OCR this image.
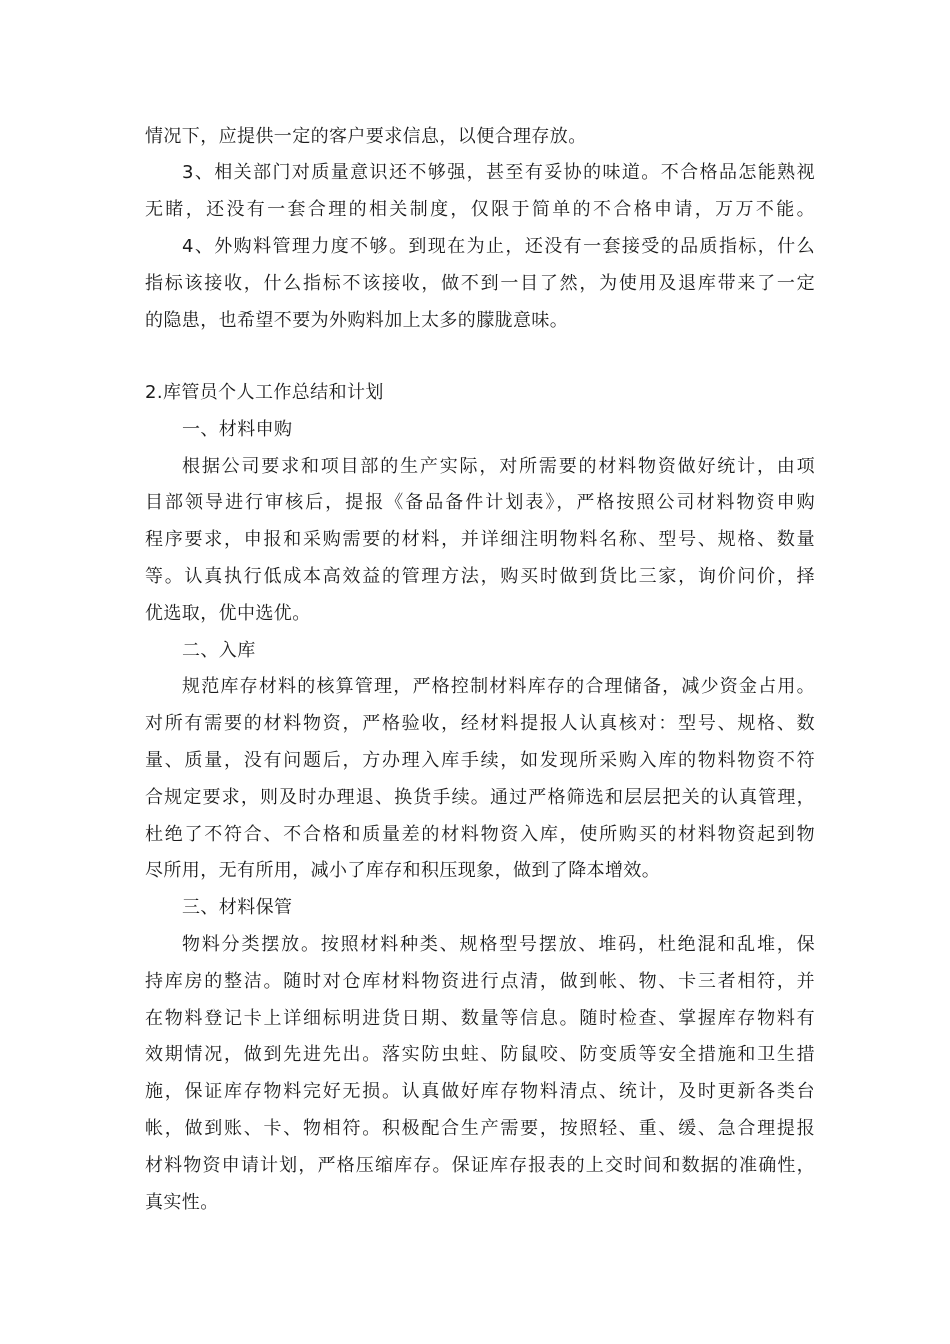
情况下，应提供一定的客户要求信息，以便合理存放。
3、相关部门对质量意识还不够强，甚至有妥协的味道。不合格品怎能熟视
无睹，还没有一套合理的相关制度，仅限于简单的不合格申请，万万不能。
4、外购料管理力度不够。到现在为止，还没有一套接受的品质指标，什么
指标该接收，什么指标不该接收，做不到一目了然，为使用及退库带来了一定
的隐患，也希望不要为外购料加上太多的朦胧意味。
2.库管员个人工作总结和计划
一、材料申购
根据公司要求和项目部的生产实际，对所需要的材料物资做好统计，由项
目部领导进行审核后，提报《备品备件计划表》，严格按照公司材料物资申购
程序要求，申报和采购需要的材料，并详细注明物料名称、型号、规格、数量
等。认真执行低成本高效益的管理方法，购买时做到货比三家，询价问价，择
优选取，优中选优。
二、入库
规范库存材料的核算管理，严格控制材料库存的合理储备，减少资金占用。
对所有需要的材料物资，严格验收，经材料提报人认真核对：型号、规格、数
量、质量，没有问题后，方办理入库手续，如发现所采购入库的物料物资不符
合规定要求，则及时办理退、换货手续。通过严格筛选和层层把关的认真管理，
杜绝了不符合、不合格和质量差的材料物资入库，使所购买的材料物资起到物
尽所用，无有所用，减小了库存和积压现象，做到了降本增效。
三、材料保管
物料分类摆放。按照材料种类、规格型号摆放、堆码，杜绝混和乱堆，保
持库房的整洁。随时对仓库材料物资进行点清，做到帐、物、卡三者相符，并
在物料登记卡上详细标明进货日期、数量等信息。随时检查、掌握库存物料有
效期情况，做到先进先出。落实防虫蛀、防鼠咬、防变质等安全措施和卫生措
施，保证库存物料完好无损。认真做好库存物料清点、统计，及时更新各类台
帐，做到账、卡、物相符。积极配合生产需要，按照轻、重、缓、急合理提报
材料物资申请计划，严格压缩库存。保证库存报表的上交时间和数据的准确性，
真实性。
